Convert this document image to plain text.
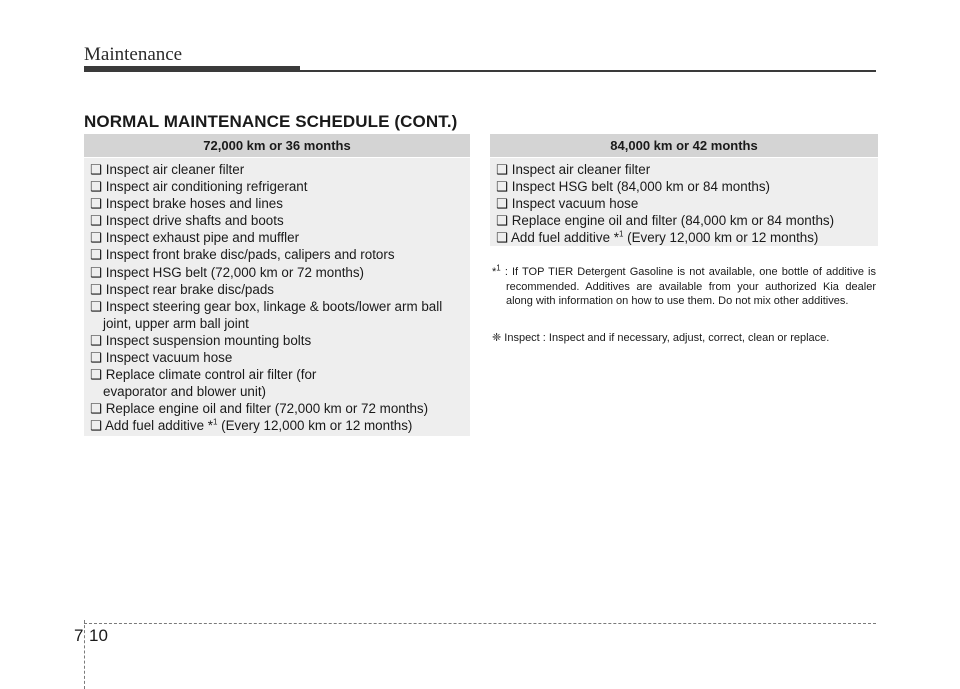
Maintenance
NORMAL MAINTENANCE SCHEDULE (CONT.)
72,000 km or 36 months
❑ Inspect air cleaner filter
❑ Inspect air conditioning refrigerant
❑ Inspect brake hoses and lines
❑ Inspect drive shafts and boots
❑ Inspect exhaust pipe and muffler
❑ Inspect front brake disc/pads, calipers and rotors
❑ Inspect HSG belt (72,000 km or 72 months)
❑ Inspect rear brake disc/pads
❑ Inspect steering gear box, linkage & boots/lower arm ball joint, upper arm ball joint
❑ Inspect suspension mounting bolts
❑ Inspect vacuum hose
❑ Replace climate control air filter (for evaporator and blower unit)
❑ Replace engine oil and filter (72,000 km or 72 months)
❑ Add fuel additive *$^1$ (Every 12,000 km or 12 months)
84,000 km or 42 months
❑ Inspect air cleaner filter
❑ Inspect HSG belt (84,000 km or 84 months)
❑ Inspect vacuum hose
❑ Replace engine oil and filter (84,000 km or 84 months)
❑ Add fuel additive *$^1$ (Every 12,000 km or 12 months)
*$^1$ : If TOP TIER Detergent Gasoline is not available, one bottle of additive is recommended. Additives are available from your authorized Kia dealer along with information on how to use them. Do not mix other additives.
❈ Inspect : Inspect and if necessary, adjust, correct, clean or replace.
7 10
